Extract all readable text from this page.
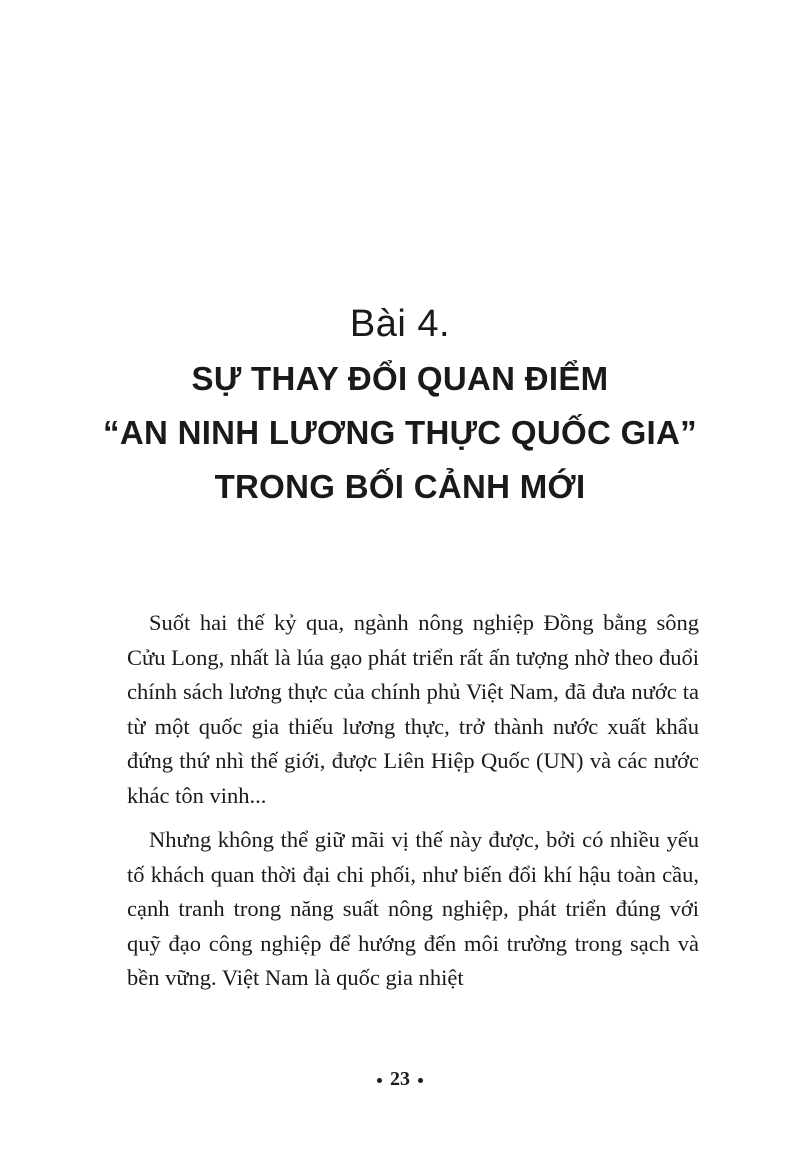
Bài 4.
SỰ THAY ĐỔI QUAN ĐIỂM
“AN NINH LƯƠNG THỰC QUỐC GIA”
TRONG BỐI CẢNH MỚI

Suốt hai thế kỷ qua, ngành nông nghiệp Đồng bằng sông Cửu Long, nhất là lúa gạo phát triển rất ấn tượng nhờ theo đuổi chính sách lương thực của chính phủ Việt Nam, đã đưa nước ta từ một quốc gia thiếu lương thực, trở thành nước xuất khẩu đứng thứ nhì thế giới, được Liên Hiệp Quốc (UN) và các nước khác tôn vinh...

Nhưng không thể giữ mãi vị thế này được, bởi có nhiều yếu tố khách quan thời đại chi phối, như biến đổi khí hậu toàn cầu, cạnh tranh trong năng suất nông nghiệp, phát triển đúng với quỹ đạo công nghiệp để hướng đến môi trường trong sạch và bền vững. Việt Nam là quốc gia nhiệt

23
